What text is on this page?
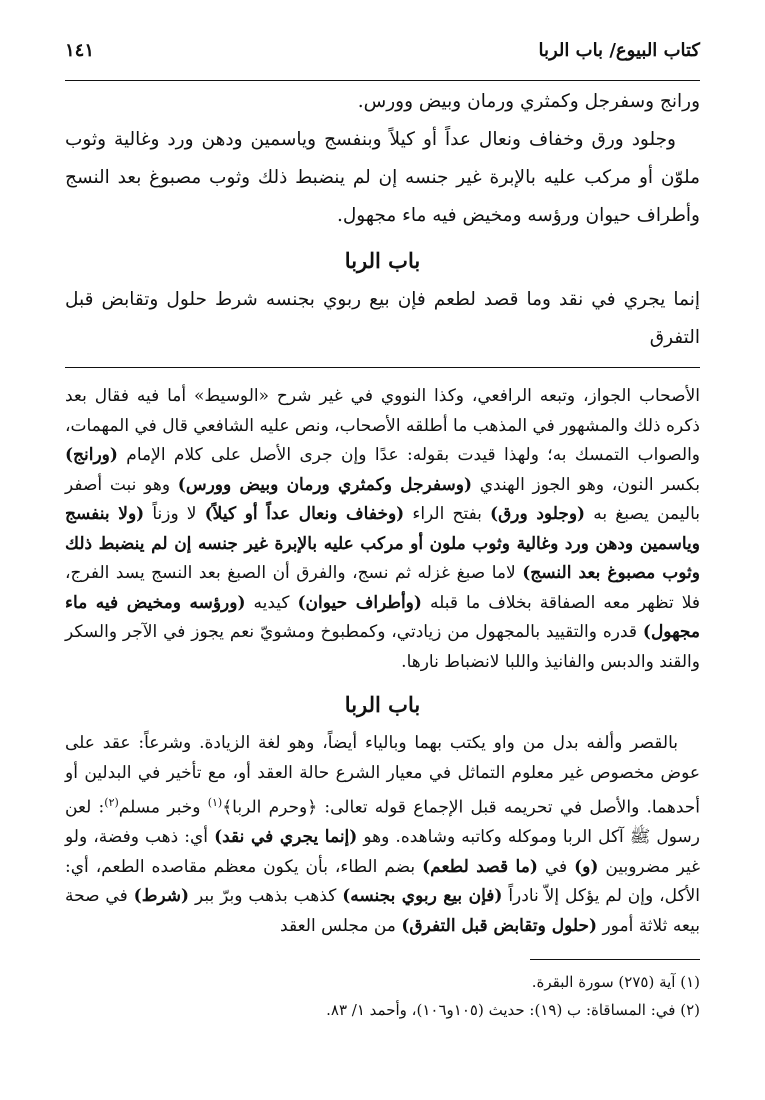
كتاب البيوع/ باب الربا
١٤١

ورانج وسفرجل وكمثري ورمان وبيض وورس.

وجلود ورق وخفاف ونعال عداً أو كيلاً وبنفسج وياسمين ودهن ورد وغالية وثوب ملوّن أو مركب عليه بالإبرة غير جنسه إن لم ينضبط ذلك وثوب مصبوغ بعد النسج وأطراف حيوان ورؤسه ومخيض فيه ماء مجهول.

باب الربا

إنما يجري في نقد وما قصد لطعم فإن بيع ربوي بجنسه شرط حلول وتقابض قبل التفرق

الأصحاب الجواز، وتبعه الرافعي، وكذا النووي في غير شرح «الوسيط» أما فيه فقال بعد ذكره ذلك والمشهور في المذهب ما أطلقه الأصحاب، ونص عليه الشافعي قال في المهمات، والصواب التمسك به؛ ولهذا قيدت بقوله: عدًا وإن جرى الأصل على كلام الإمام (ورانج) بكسر النون، وهو الجوز الهندي (وسفرجل وكمثري ورمان وبيض وورس) وهو نبت أصفر باليمن يصبغ به (وجلود ورق) بفتح الراء (وخفاف ونعال عداً أو كيلاً) لا وزناً (ولا بنفسج وياسمين ودهن ورد وغالية وثوب ملون أو مركب عليه بالإبرة غير جنسه إن لم ينضبط ذلك وثوب مصبوغ بعد النسج) لاما صبغ غزله ثم نسج، والفرق أن الصبغ بعد النسج يسد الفرج، فلا تظهر معه الصفاقة بخلاف ما قبله (وأطراف حيوان) كيديه (ورؤسه ومخيض فيه ماء مجهول) قدره والتقييد بالمجهول من زيادتي، وكمطبوخ ومشويّ نعم يجوز في الآجر والسكر والقند والدبس والفانيذ واللبا لانضباط نارها.

باب الربا

بالقصر وألفه بدل من واو يكتب بهما وبالياء أيضاً، وهو لغة الزيادة. وشرعاً: عقد على عوض مخصوص غير معلوم التماثل في معيار الشرع حالة العقد أو، مع تأخير في البدلين أو أحدهما. والأصل في تحريمه قبل الإجماع قوله تعالى: ﴿وحرم الربا﴾$^{(١)}$ وخبر مسلم$^{(٢)}$: لعن رسول ﷺ آكل الربا وموكله وكاتبه وشاهده. وهو (إنما يجري في نقد) أي: ذهب وفضة، ولو غير مضروبين (و) في (ما قصد لطعم) بضم الطاء، بأن يكون معظم مقاصده الطعم، أي: الأكل، وإن لم يؤكل إلاّ نادراً (فإن بيع ربوي بجنسه) كذهب بذهب وبرّ ببر (شرط) في صحة بيعه ثلاثة أمور (حلول وتقابض قبل التفرق) من مجلس العقد

(١) آية (٢٧٥) سورة البقرة.

(٢) في: المساقاة: ب (١٩): حديث (١٠٥و١٠٦)، وأحمد ١/ ٨٣.
